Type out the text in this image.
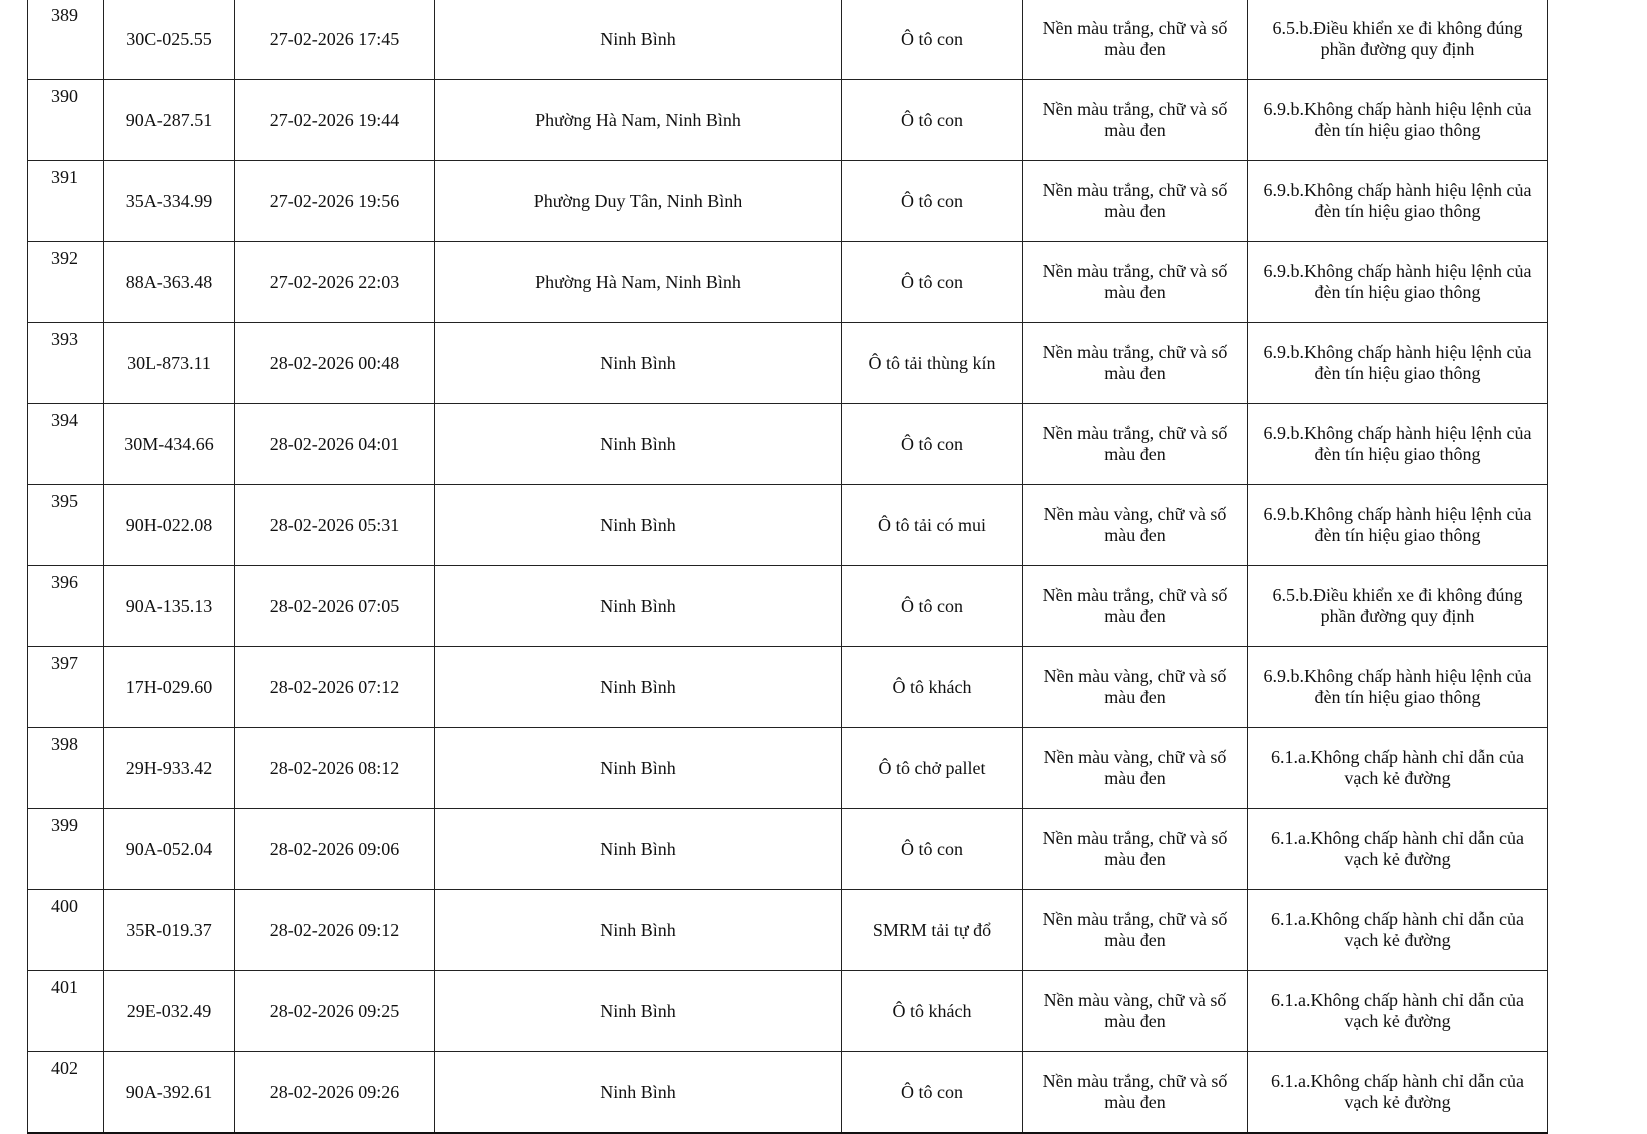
389	30C-025.55	27-02-2026 17:45	Ninh Bình	Ô tô con	Nền màu trắng, chữ và số
màu đen	6.5.b.Điều khiển xe đi không đúng
phần đường quy định

390	90A-287.51	27-02-2026 19:44	Phường Hà Nam, Ninh Bình	Ô tô con	Nền màu trắng, chữ và số
màu đen	6.9.b.Không chấp hành hiệu lệnh của
đèn tín hiệu giao thông

391	35A-334.99	27-02-2026 19:56	Phường Duy Tân, Ninh Bình	Ô tô con	Nền màu trắng, chữ và số
màu đen	6.9.b.Không chấp hành hiệu lệnh của
đèn tín hiệu giao thông

392	88A-363.48	27-02-2026 22:03	Phường Hà Nam, Ninh Bình	Ô tô con	Nền màu trắng, chữ và số
màu đen	6.9.b.Không chấp hành hiệu lệnh của
đèn tín hiệu giao thông

393	30L-873.11	28-02-2026 00:48	Ninh Bình	Ô tô tải thùng kín	Nền màu trắng, chữ và số
màu đen	6.9.b.Không chấp hành hiệu lệnh của
đèn tín hiệu giao thông

394	30M-434.66	28-02-2026 04:01	Ninh Bình	Ô tô con	Nền màu trắng, chữ và số
màu đen	6.9.b.Không chấp hành hiệu lệnh của
đèn tín hiệu giao thông

395	90H-022.08	28-02-2026 05:31	Ninh Bình	Ô tô tải có mui	Nền màu vàng, chữ và số
màu đen	6.9.b.Không chấp hành hiệu lệnh của
đèn tín hiệu giao thông

396	90A-135.13	28-02-2026 07:05	Ninh Bình	Ô tô con	Nền màu trắng, chữ và số
màu đen	6.5.b.Điều khiển xe đi không đúng
phần đường quy định

397	17H-029.60	28-02-2026 07:12	Ninh Bình	Ô tô khách	Nền màu vàng, chữ và số
màu đen	6.9.b.Không chấp hành hiệu lệnh của
đèn tín hiệu giao thông

398	29H-933.42	28-02-2026 08:12	Ninh Bình	Ô tô chở pallet	Nền màu vàng, chữ và số
màu đen	6.1.a.Không chấp hành chỉ dẫn của
vạch kẻ đường

399	90A-052.04	28-02-2026 09:06	Ninh Bình	Ô tô con	Nền màu trắng, chữ và số
màu đen	6.1.a.Không chấp hành chỉ dẫn của
vạch kẻ đường

400	35R-019.37	28-02-2026 09:12	Ninh Bình	SMRM tải tự đổ	Nền màu trắng, chữ và số
màu đen	6.1.a.Không chấp hành chỉ dẫn của
vạch kẻ đường

401	29E-032.49	28-02-2026 09:25	Ninh Bình	Ô tô khách	Nền màu vàng, chữ và số
màu đen	6.1.a.Không chấp hành chỉ dẫn của
vạch kẻ đường

402	90A-392.61	28-02-2026 09:26	Ninh Bình	Ô tô con	Nền màu trắng, chữ và số
màu đen	6.1.a.Không chấp hành chỉ dẫn của
vạch kẻ đường
